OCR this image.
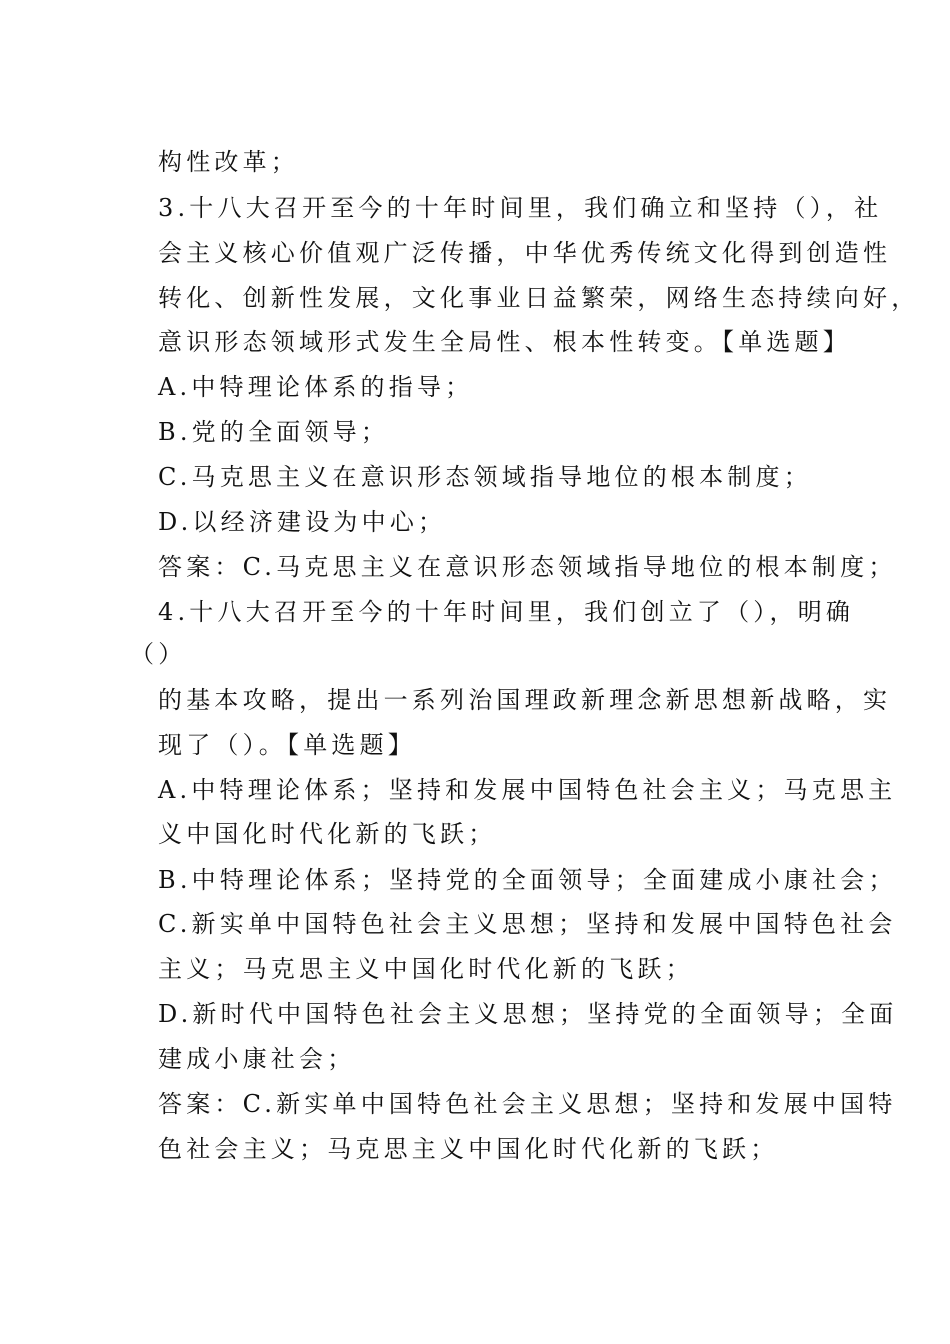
构性改革；
3.十八大召开至今的十年时间里，我们确立和坚持（），社
会主义核心价值观广泛传播，中华优秀传统文化得到创造性
转化、创新性发展，文化事业日益繁荣，网络生态持续向好，
意识形态领域形式发生全局性、根本性转变。【单选题】
A.中特理论体系的指导；
B.党的全面领导；
C.马克思主义在意识形态领域指导地位的根本制度；
D.以经济建设为中心；
答案：C.马克思主义在意识形态领域指导地位的根本制度；
4.十八大召开至今的十年时间里，我们创立了（），明确
（）
的基本攻略，提出一系列治国理政新理念新思想新战略，实
现了（）。【单选题】
A.中特理论体系；坚持和发展中国特色社会主义；马克思主
义中国化时代化新的飞跃；
B.中特理论体系；坚持党的全面领导；全面建成小康社会；
C.新实单中国特色社会主义思想；坚持和发展中国特色社会
主义；马克思主义中国化时代化新的飞跃；
D.新时代中国特色社会主义思想；坚持党的全面领导；全面
建成小康社会；
答案：C.新实单中国特色社会主义思想；坚持和发展中国特
色社会主义；马克思主义中国化时代化新的飞跃；
